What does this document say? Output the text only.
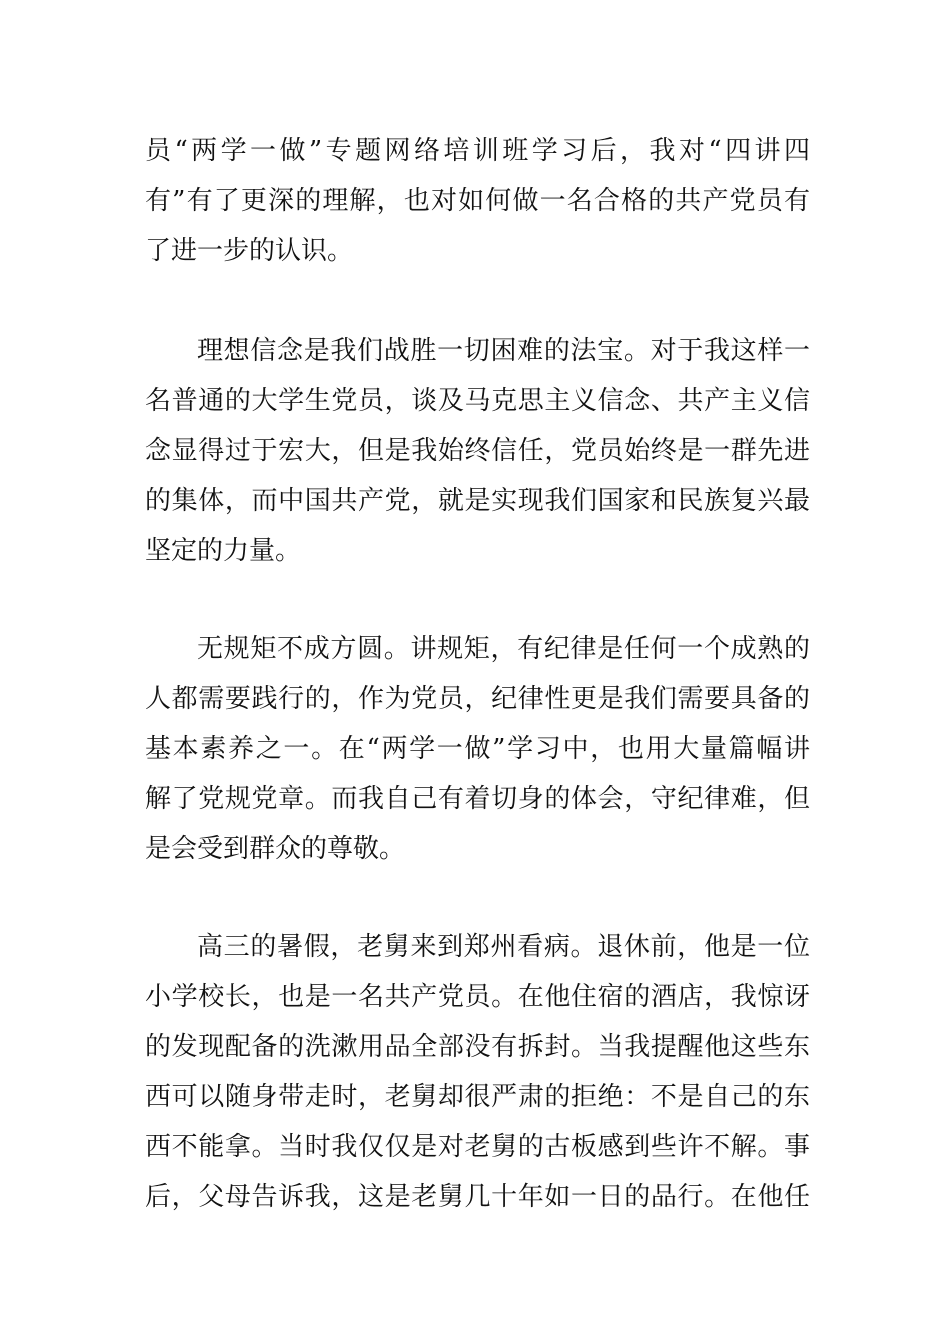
员“两学一做”专题网络培训班学习后，我对“四讲四
有”有了更深的理解，也对如何做一名合格的共产党员有
了进一步的认识。
理想信念是我们战胜一切困难的法宝。对于我这样一
名普通的大学生党员，谈及马克思主义信念、共产主义信
念显得过于宏大，但是我始终信任，党员始终是一群先进
的集体，而中国共产党，就是实现我们国家和民族复兴最
坚定的力量。
无规矩不成方圆。讲规矩，有纪律是任何一个成熟的
人都需要践行的，作为党员，纪律性更是我们需要具备的
基本素养之一。在“两学一做”学习中，也用大量篇幅讲
解了党规党章。而我自己有着切身的体会，守纪律难，但
是会受到群众的尊敬。
高三的暑假，老舅来到郑州看病。退休前，他是一位
小学校长，也是一名共产党员。在他住宿的酒店，我惊讶
的发现配备的洗漱用品全部没有拆封。当我提醒他这些东
西可以随身带走时，老舅却很严肃的拒绝：不是自己的东
西不能拿。当时我仅仅是对老舅的古板感到些许不解。事
后，父母告诉我，这是老舅几十年如一日的品行。在他任
